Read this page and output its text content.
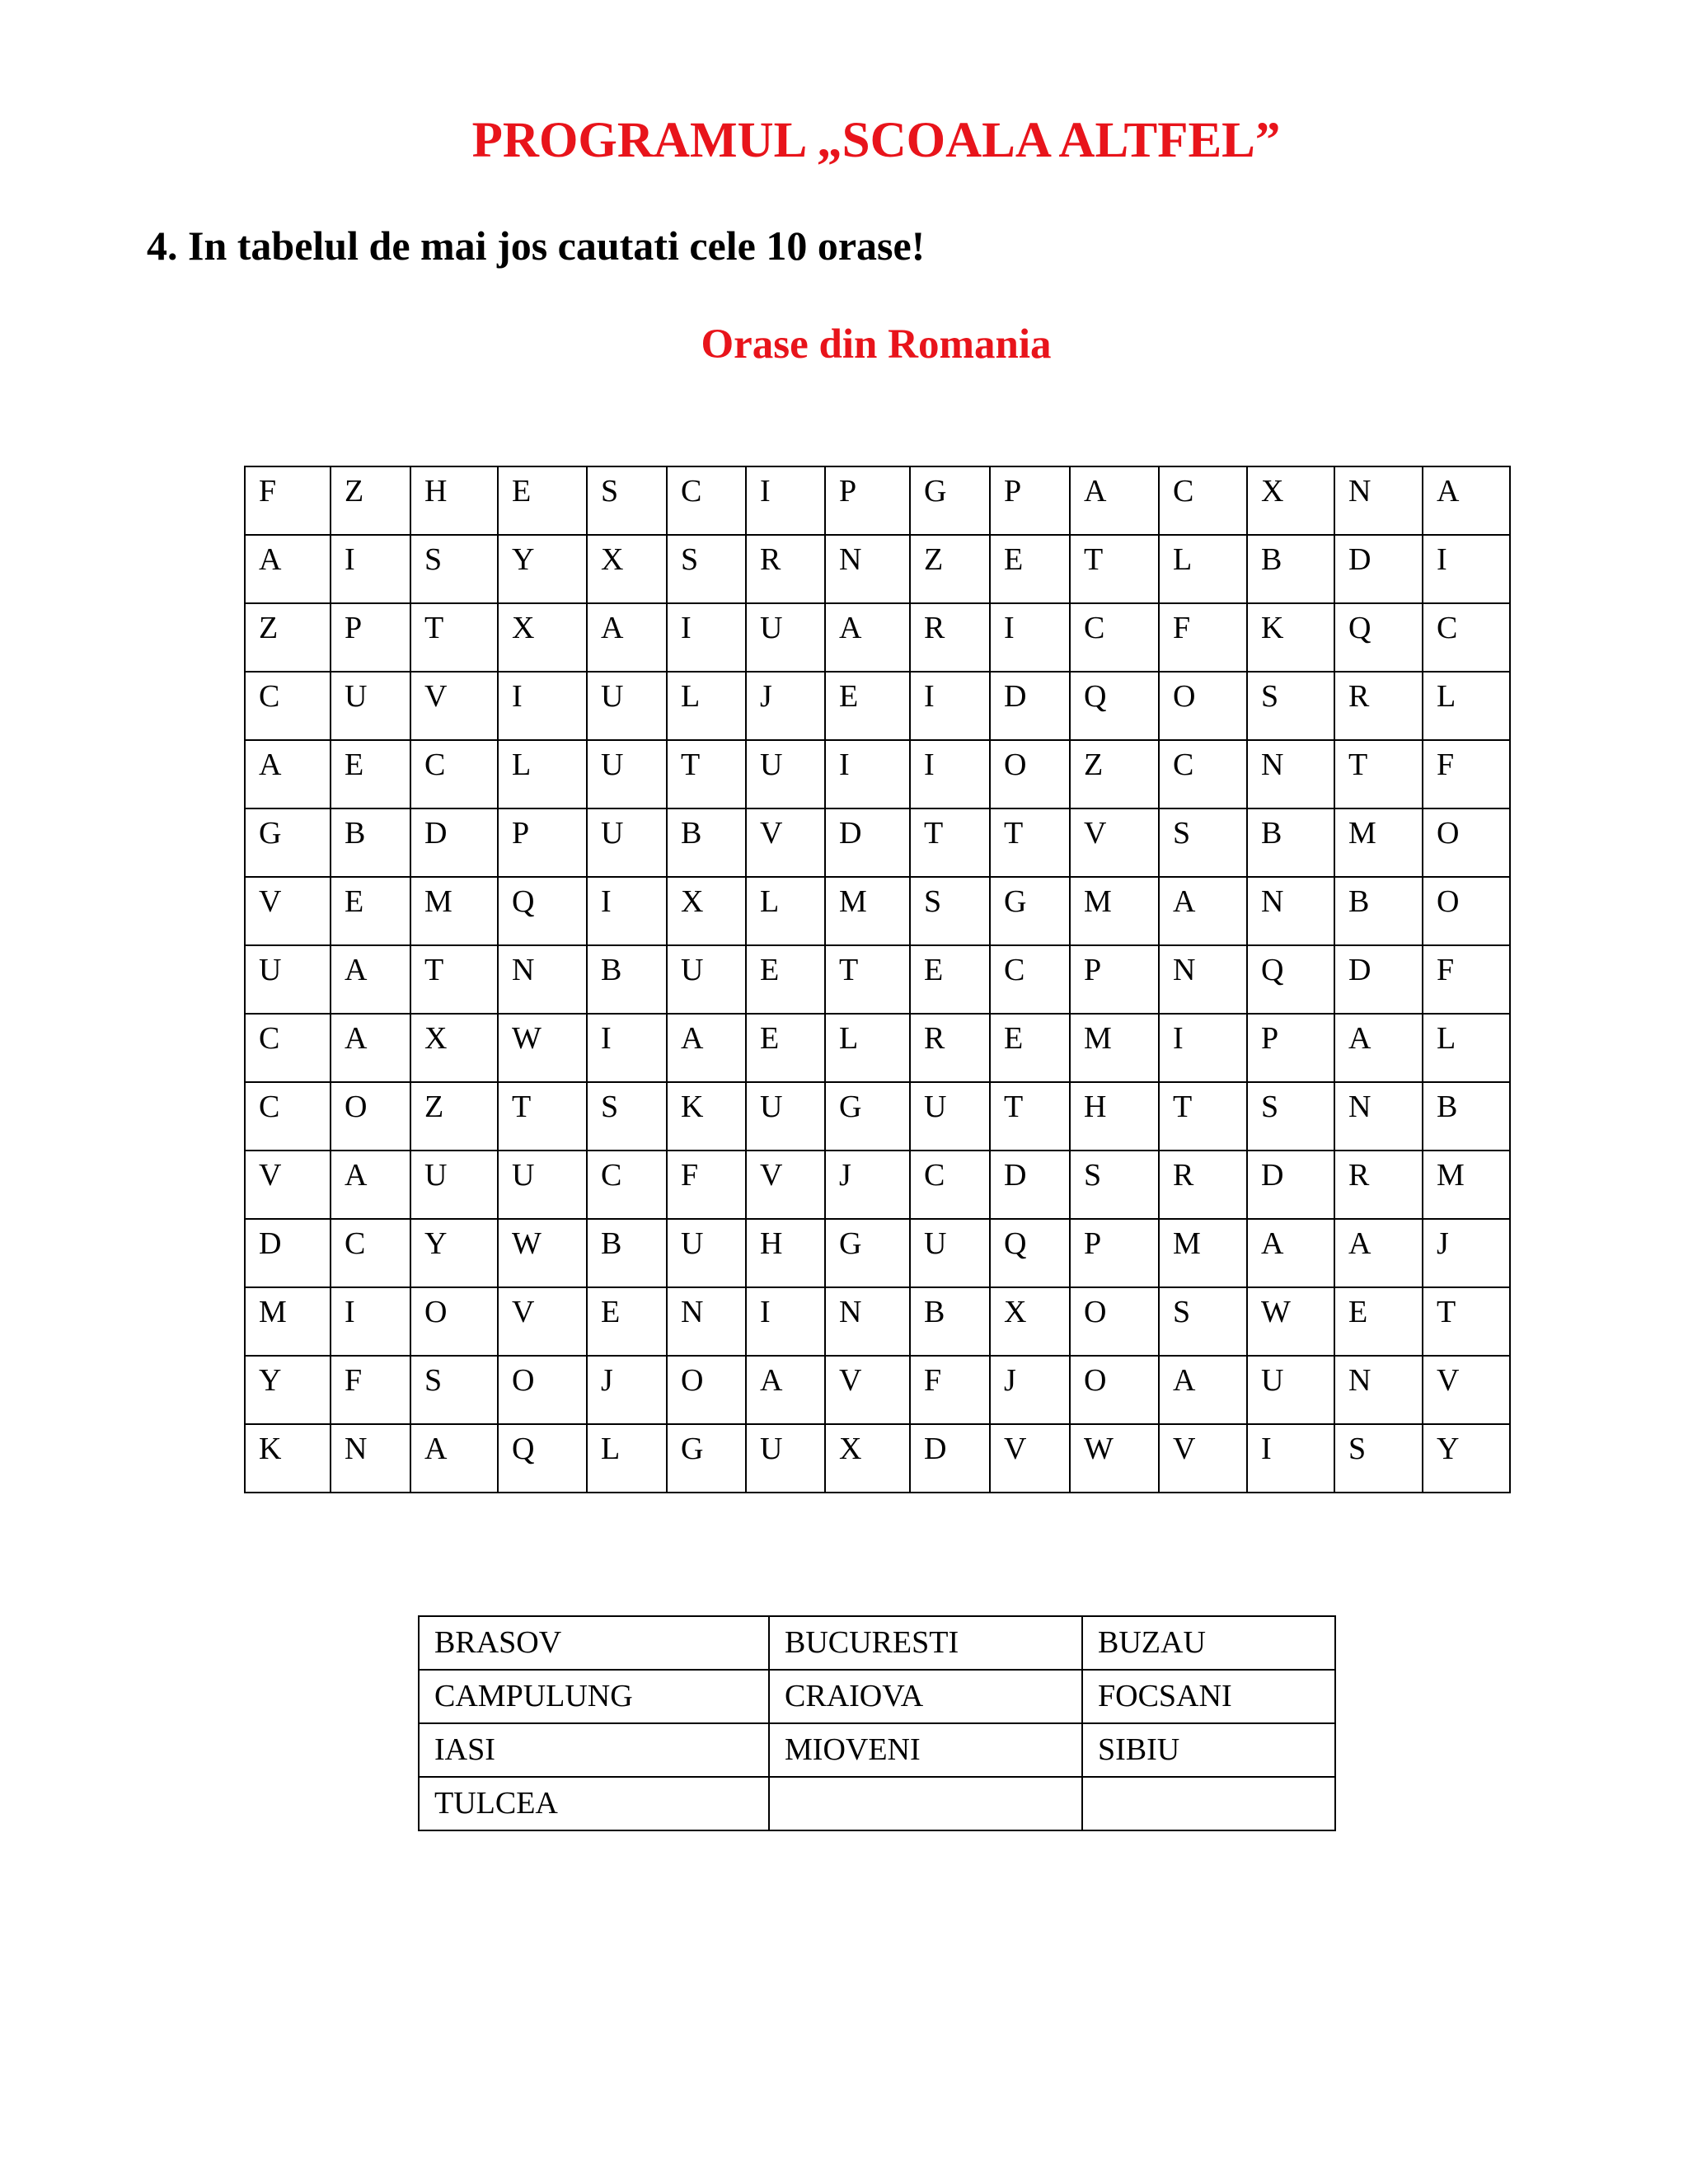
PROGRAMUL „SCOALA ALTFEL”
4. In tabelul de mai jos cautati cele 10 orase!
Orase din Romania
F	Z	H	E	S	C	I	P	G	P	A	C	X	N	A
A	I	S	Y	X	S	R	N	Z	E	T	L	B	D	I
Z	P	T	X	A	I	U	A	R	I	C	F	K	Q	C
C	U	V	I	U	L	J	E	I	D	Q	O	S	R	L
A	E	C	L	U	T	U	I	I	O	Z	C	N	T	F
G	B	D	P	U	B	V	D	T	T	V	S	B	M	O
V	E	M	Q	I	X	L	M	S	G	M	A	N	B	O
U	A	T	N	B	U	E	T	E	C	P	N	Q	D	F
C	A	X	W	I	A	E	L	R	E	M	I	P	A	L
C	O	Z	T	S	K	U	G	U	T	H	T	S	N	B
V	A	U	U	C	F	V	J	C	D	S	R	D	R	M
D	C	Y	W	B	U	H	G	U	Q	P	M	A	A	J
M	I	O	V	E	N	I	N	B	X	O	S	W	E	T
Y	F	S	O	J	O	A	V	F	J	O	A	U	N	V
K	N	A	Q	L	G	U	X	D	V	W	V	I	S	Y
BRASOV	BUCURESTI	BUZAU
CAMPULUNG	CRAIOVA	FOCSANI
IASI	MIOVENI	SIBIU
TULCEA		
